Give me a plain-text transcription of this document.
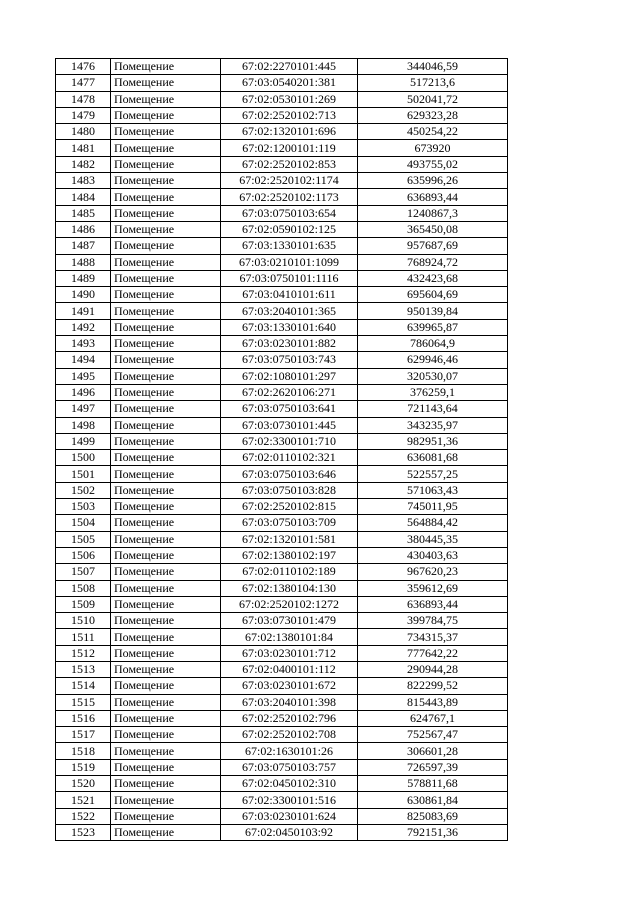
1476	Помещение	67:02:2270101:445	344046,59
1477	Помещение	67:03:0540201:381	517213,6
1478	Помещение	67:02:0530101:269	502041,72
1479	Помещение	67:02:2520102:713	629323,28
1480	Помещение	67:02:1320101:696	450254,22
1481	Помещение	67:02:1200101:119	673920
1482	Помещение	67:02:2520102:853	493755,02
1483	Помещение	67:02:2520102:1174	635996,26
1484	Помещение	67:02:2520102:1173	636893,44
1485	Помещение	67:03:0750103:654	1240867,3
1486	Помещение	67:02:0590102:125	365450,08
1487	Помещение	67:03:1330101:635	957687,69
1488	Помещение	67:03:0210101:1099	768924,72
1489	Помещение	67:03:0750101:1116	432423,68
1490	Помещение	67:03:0410101:611	695604,69
1491	Помещение	67:03:2040101:365	950139,84
1492	Помещение	67:03:1330101:640	639965,87
1493	Помещение	67:03:0230101:882	786064,9
1494	Помещение	67:03:0750103:743	629946,46
1495	Помещение	67:02:1080101:297	320530,07
1496	Помещение	67:02:2620106:271	376259,1
1497	Помещение	67:03:0750103:641	721143,64
1498	Помещение	67:03:0730101:445	343235,97
1499	Помещение	67:02:3300101:710	982951,36
1500	Помещение	67:02:0110102:321	636081,68
1501	Помещение	67:03:0750103:646	522557,25
1502	Помещение	67:03:0750103:828	571063,43
1503	Помещение	67:02:2520102:815	745011,95
1504	Помещение	67:03:0750103:709	564884,42
1505	Помещение	67:02:1320101:581	380445,35
1506	Помещение	67:02:1380102:197	430403,63
1507	Помещение	67:02:0110102:189	967620,23
1508	Помещение	67:02:1380104:130	359612,69
1509	Помещение	67:02:2520102:1272	636893,44
1510	Помещение	67:03:0730101:479	399784,75
1511	Помещение	67:02:1380101:84	734315,37
1512	Помещение	67:03:0230101:712	777642,22
1513	Помещение	67:02:0400101:112	290944,28
1514	Помещение	67:03:0230101:672	822299,52
1515	Помещение	67:03:2040101:398	815443,89
1516	Помещение	67:02:2520102:796	624767,1
1517	Помещение	67:02:2520102:708	752567,47
1518	Помещение	67:02:1630101:26	306601,28
1519	Помещение	67:03:0750103:757	726597,39
1520	Помещение	67:02:0450102:310	578811,68
1521	Помещение	67:02:3300101:516	630861,84
1522	Помещение	67:03:0230101:624	825083,69
1523	Помещение	67:02:0450103:92	792151,36
